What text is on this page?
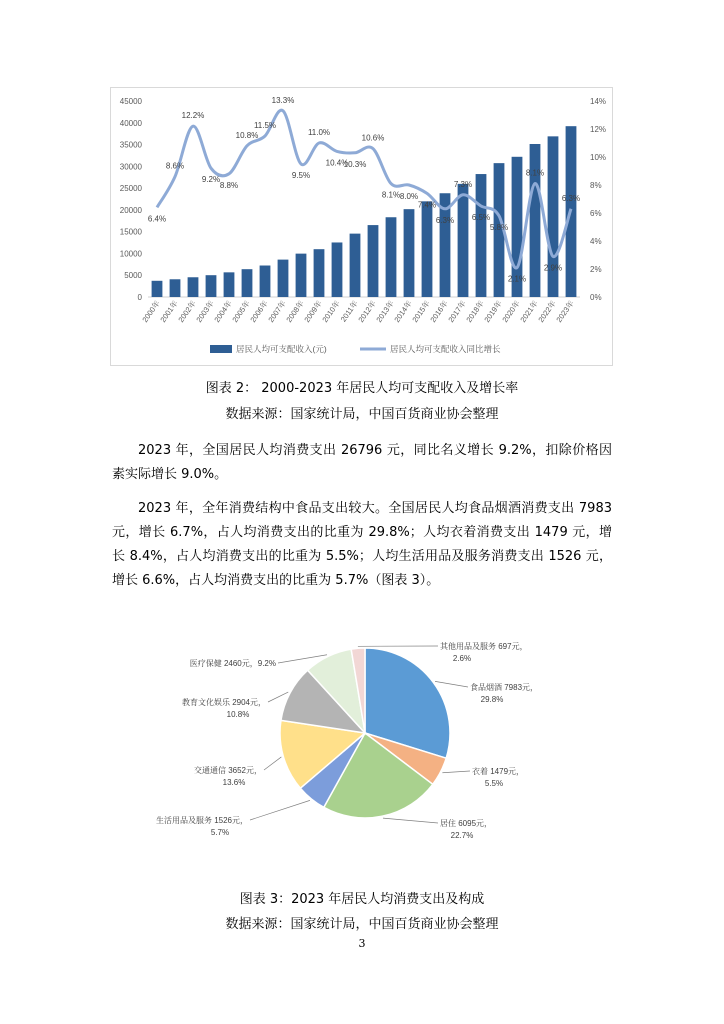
0
5000
10000
15000
20000
25000
30000
35000
40000
45000
0%
2%
4%
6%
8%
10%
12%
14%
2000年
2001年
2002年
2003年
2004年
2005年
2006年
2007年
2008年
2009年
2010年
2011年
2012年
2013年
2014年
2015年
2016年
2017年
2018年
2019年
2020年
2021年
2022年
2023年
6.4%
8.6%
12.2%
9.2%
8.8%
10.8%
11.5%
13.3%
9.5%
11.0%
10.4%
10.3%
10.6%
8.1% 8.0%
7.4%
6.3%
7.3%
6.5%
5.8%
2.1%
8.1%
2.9%
6.3%
居民人均可支配收入(元)	居民人均可支配收入同比增长
图表 2： 2000-2023 年居民人均可支配收入及增长率
数据来源：国家统计局，中国百货商业协会整理
2023 年，全国居民人均消费支出 26796 元，同比名义增长 9.2%，扣除价格因素实际增长 9.0%。
2023 年，全年消费结构中食品支出较大。全国居民人均食品烟酒消费支出 7983 元，增长 6.7%，占人均消费支出的比重为 29.8%；人均衣着消费支出 1479 元，增长 8.4%，占人均消费支出的比重为 5.5%；人均生活用品及服务消费支出 1526 元，增长 6.6%，占人均消费支出的比重为 5.7%（图表 3）。
食品烟酒 7983元，
29.8%
衣着 1479元，
5.5%
居住 6095元，
22.7%
生活用品及服务 1526元，
5.7%
交通通信 3652元，
13.6%
教育文化娱乐 2904元，
10.8%
医疗保健 2460元，9.2%
其他用品及服务 697元，
2.6%
图表 3：2023 年居民人均消费支出及构成
数据来源：国家统计局，中国百货商业协会整理
3
